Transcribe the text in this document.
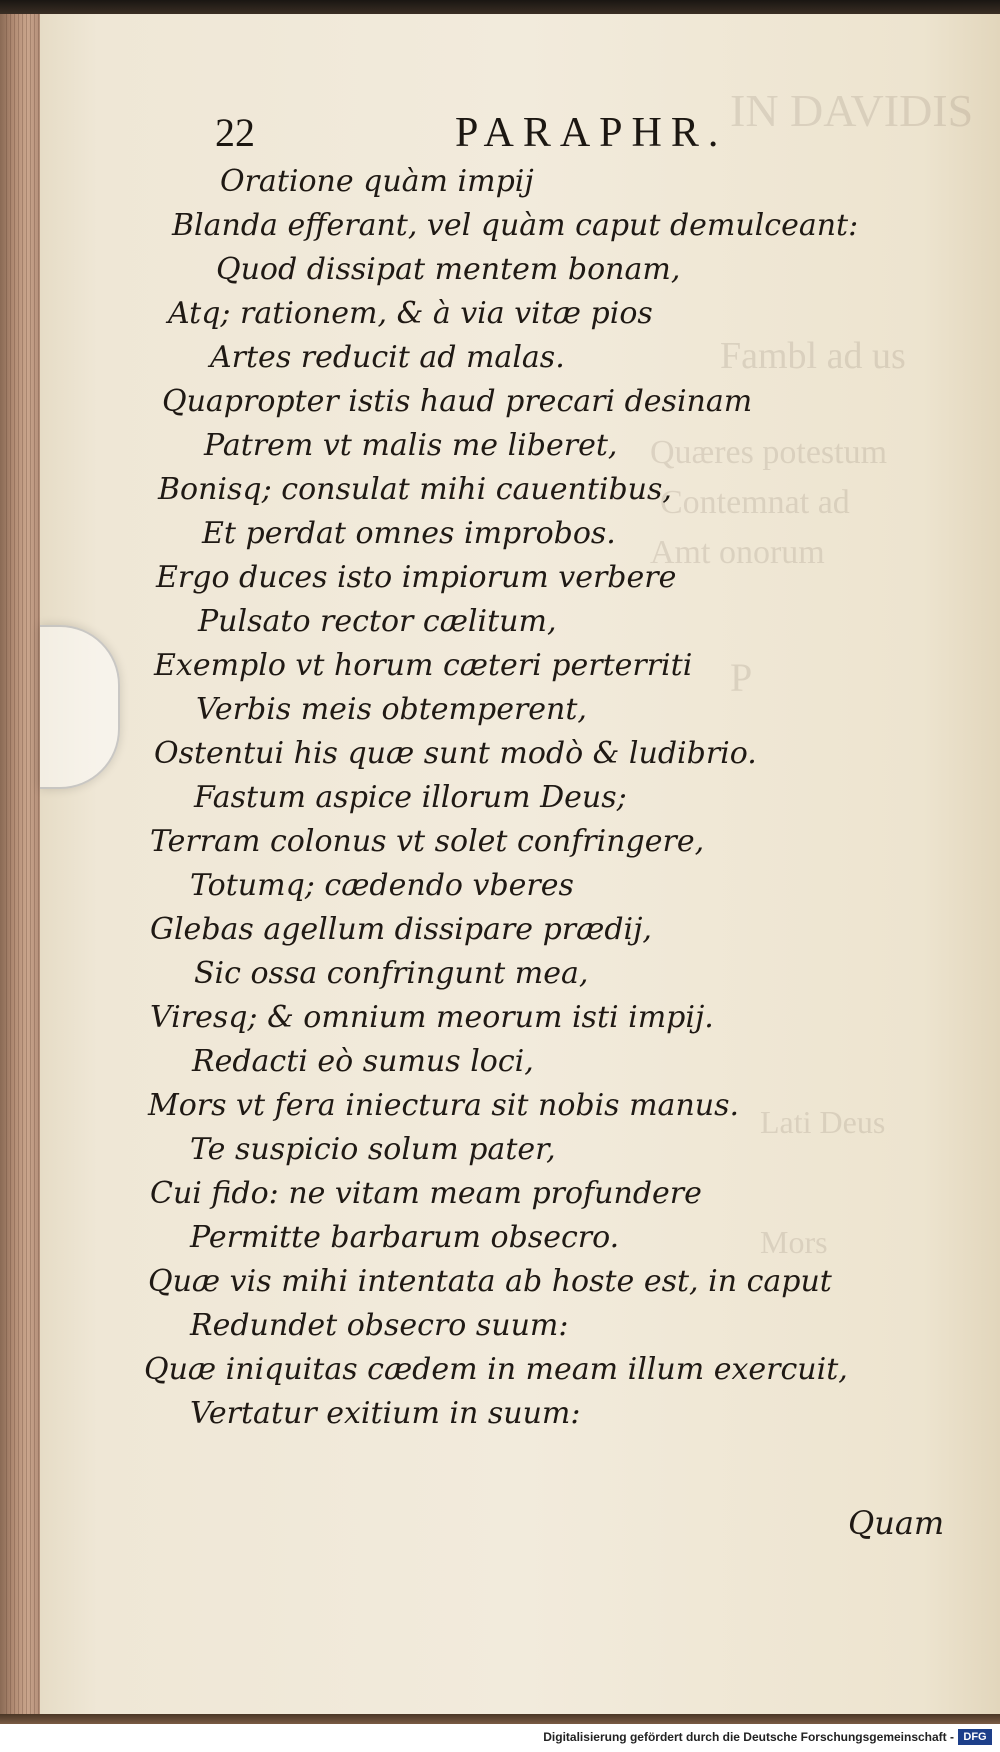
IN DAVIDIS
Fambl ad us
Quæres potestum
Contemnat ad
Amt onorum
P
Lati Deus
Mors
22	PARAPHR.
Oratione quàm impij
Blanda efferant, vel quàm caput demulceant:
Quod dissipat mentem bonam,
Atq; rationem, & à via vitæ pios
Artes reducit ad malas.
Quapropter istis haud precari desinam
Patrem vt malis me liberet,
Bonisq; consulat mihi cauentibus,
Et perdat omnes improbos.
Ergo duces isto impiorum verbere
Pulsato rector cælitum,
Exemplo vt horum cæteri perterriti
Verbis meis obtemperent,
Ostentui his quæ sunt modò & ludibrio.
Fastum aspice illorum Deus;
Terram colonus vt solet confringere,
Totumq; cædendo vberes
Glebas agellum dissipare prædij,
Sic ossa confringunt mea,
Viresq; & omnium meorum isti impij.
Redacti eò sumus loci,
Mors vt fera iniectura sit nobis manus.
Te suspicio solum pater,
Cui fido: ne vitam meam profundere
Permitte barbarum obsecro.
Quæ vis mihi intentata ab hoste est, in caput
Redundet obsecro suum:
Quæ iniquitas cædem in meam illum exercuit,
Vertatur exitium in suum:
Quam
Digitalisierung gefördert durch die Deutsche Forschungsgemeinschaft - DFG
